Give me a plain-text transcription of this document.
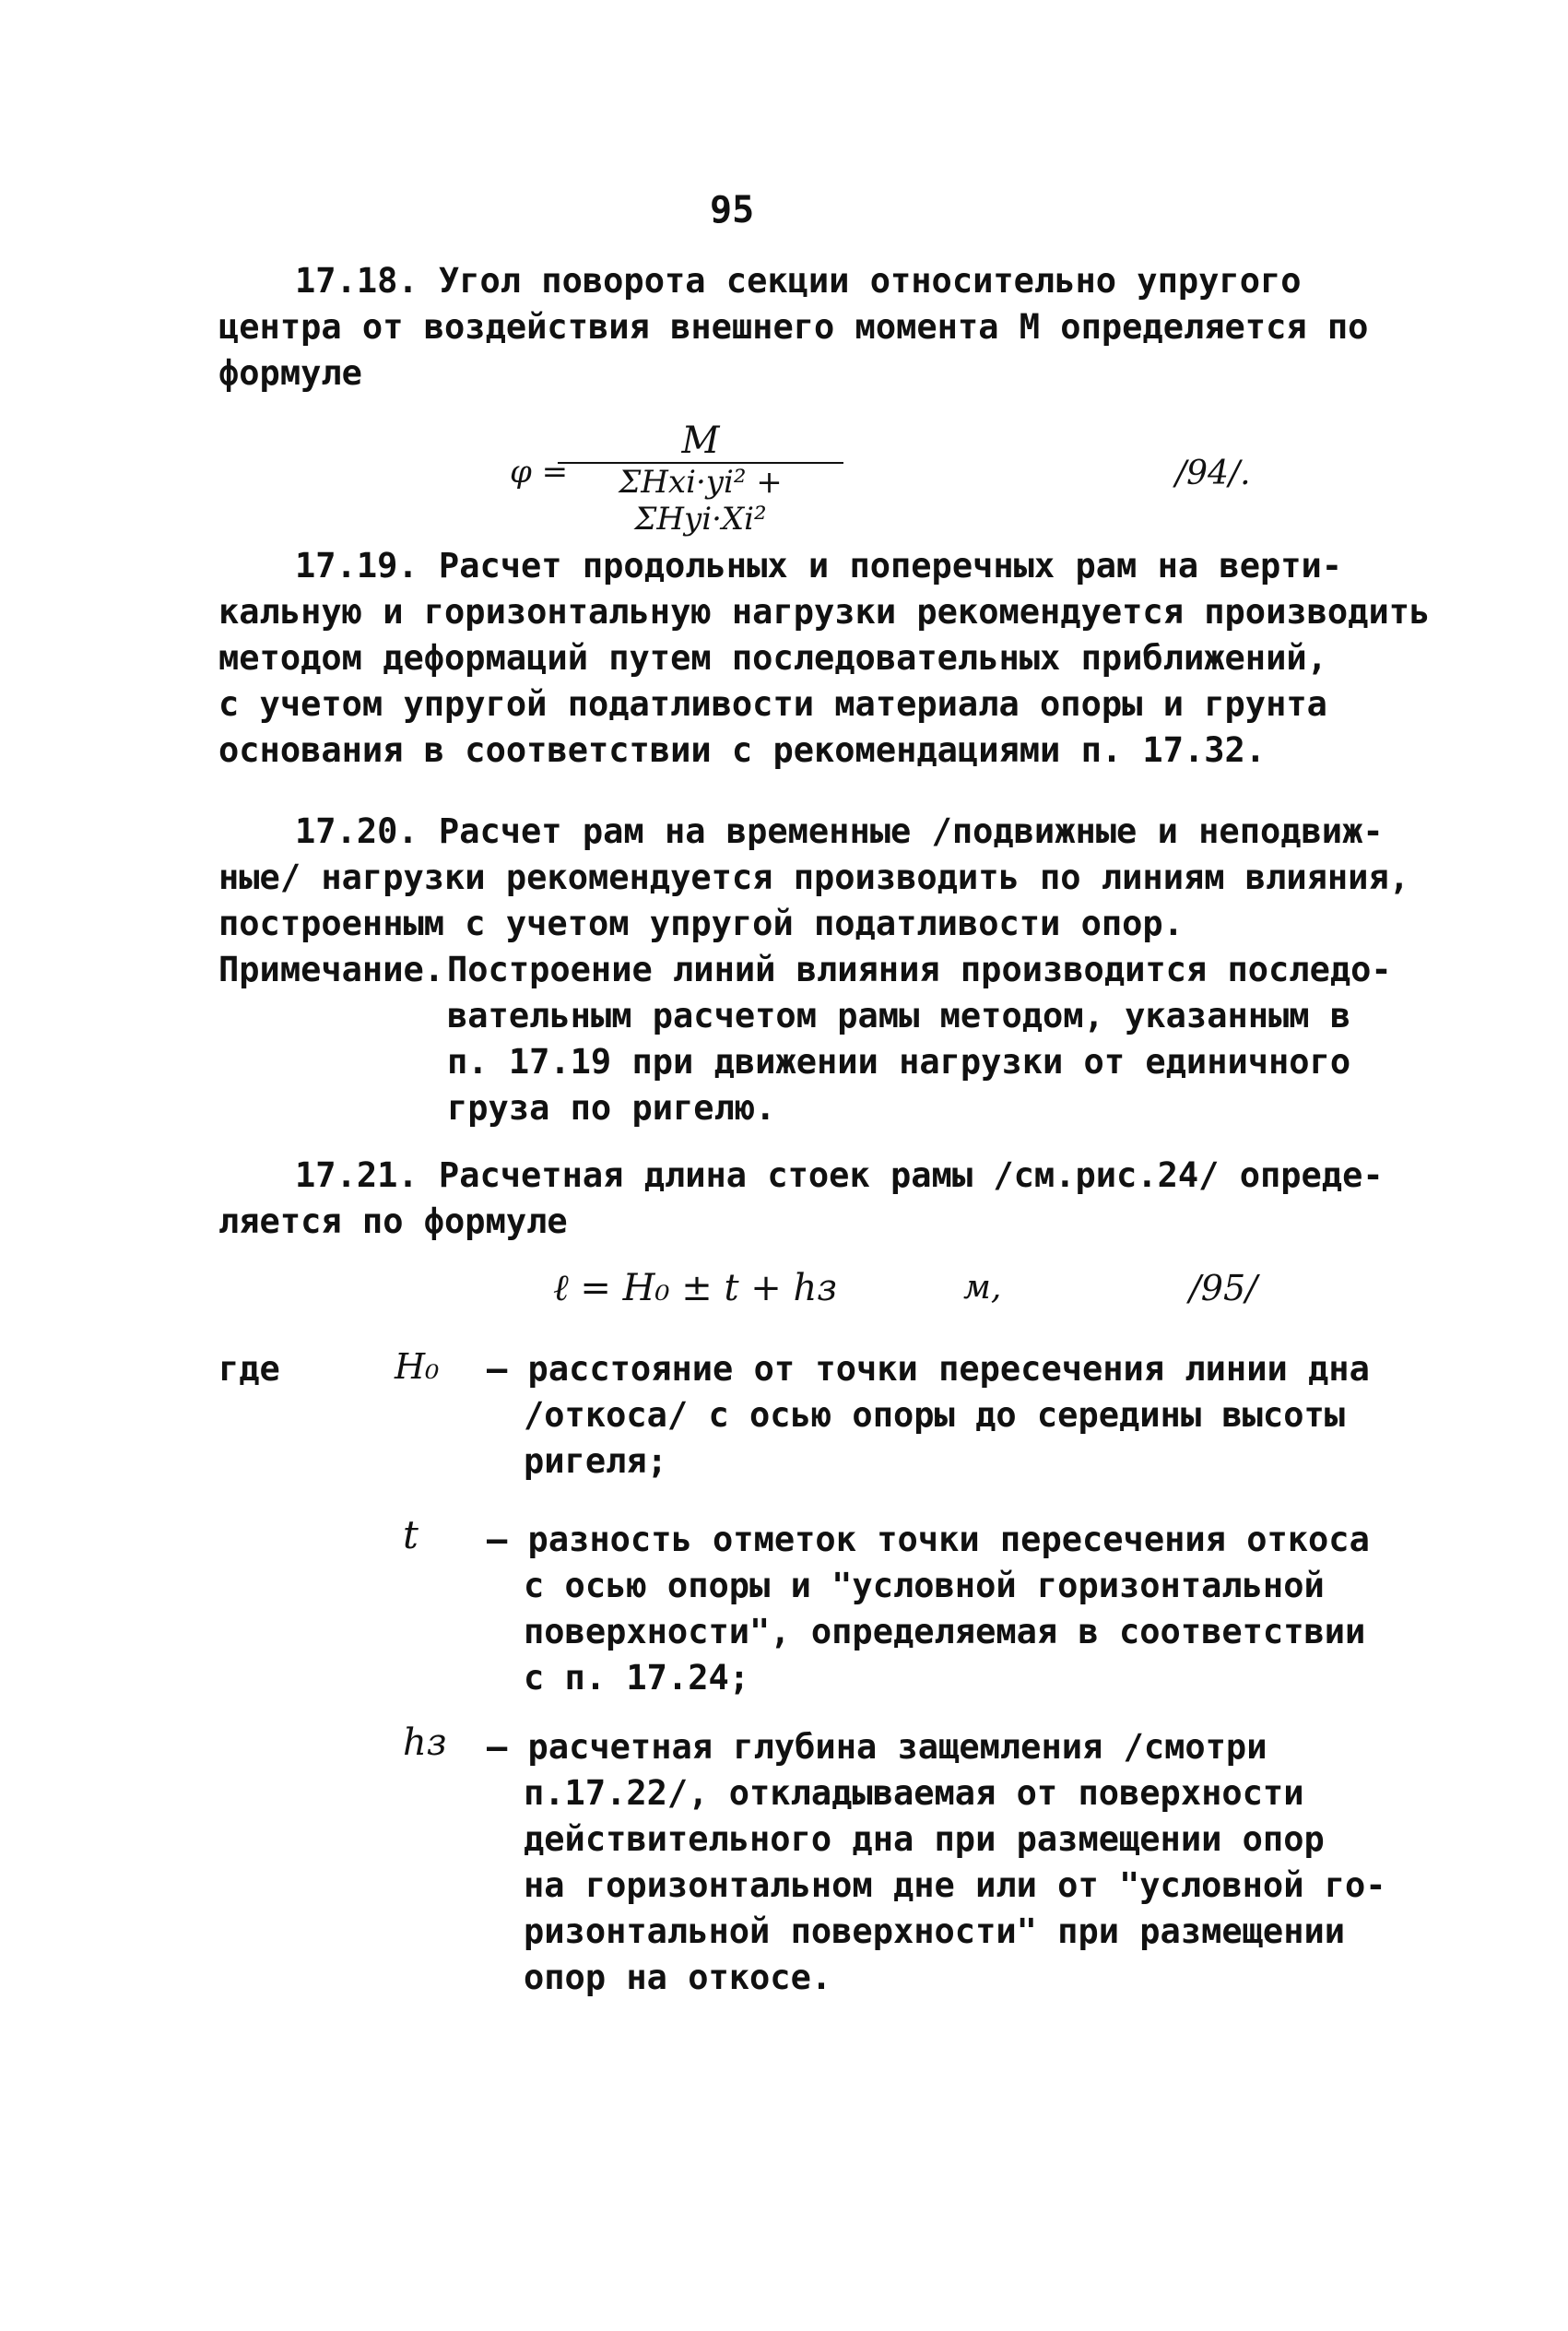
95
17.18. Угол поворота секции относительно упругого
центра от воздействия внешнего момента М определяется по
формуле
φ =
M
ΣHxi·yi² + ΣHyi·Xi²
/94/.
17.19. Расчет продольных и поперечных рам на верти-
кальную и горизонтальную нагрузки рекомендуется производить
методом деформаций путем последовательных приближений,
с учетом упругой податливости материала опоры и грунта
основания в соответствии с рекомендациями п. 17.32.
17.20. Расчет рам на временные /подвижные и неподвиж-
ные/ нагрузки рекомендуется производить по линиям влияния,
построенным с учетом упругой податливости опор.
Примечание. Построение линий влияния производится последо-
вательным расчетом рамы методом, указанным в
п. 17.19 при движении нагрузки от единичного
груза по ригелю.
17.21. Расчетная длина стоек рамы /см.рис.24/ опреде-
ляется по формуле
ℓ = H₀ ± t + hз	м,	/95/
где	H₀ – расстояние от точки пересечения линии дна
/откоса/ с осью опоры до середины высоты
ригеля;
t – разность отметок точки пересечения откоса
с осью опоры и "условной горизонтальной
поверхности", определяемая в соответствии
с п. 17.24;
hз – расчетная глубина защемления /смотри
п.17.22/, откладываемая от поверхности
действительного дна при размещении опор
на горизонтальном дне или от "условной го-
ризонтальной поверхности" при размещении
опор на откосе.
